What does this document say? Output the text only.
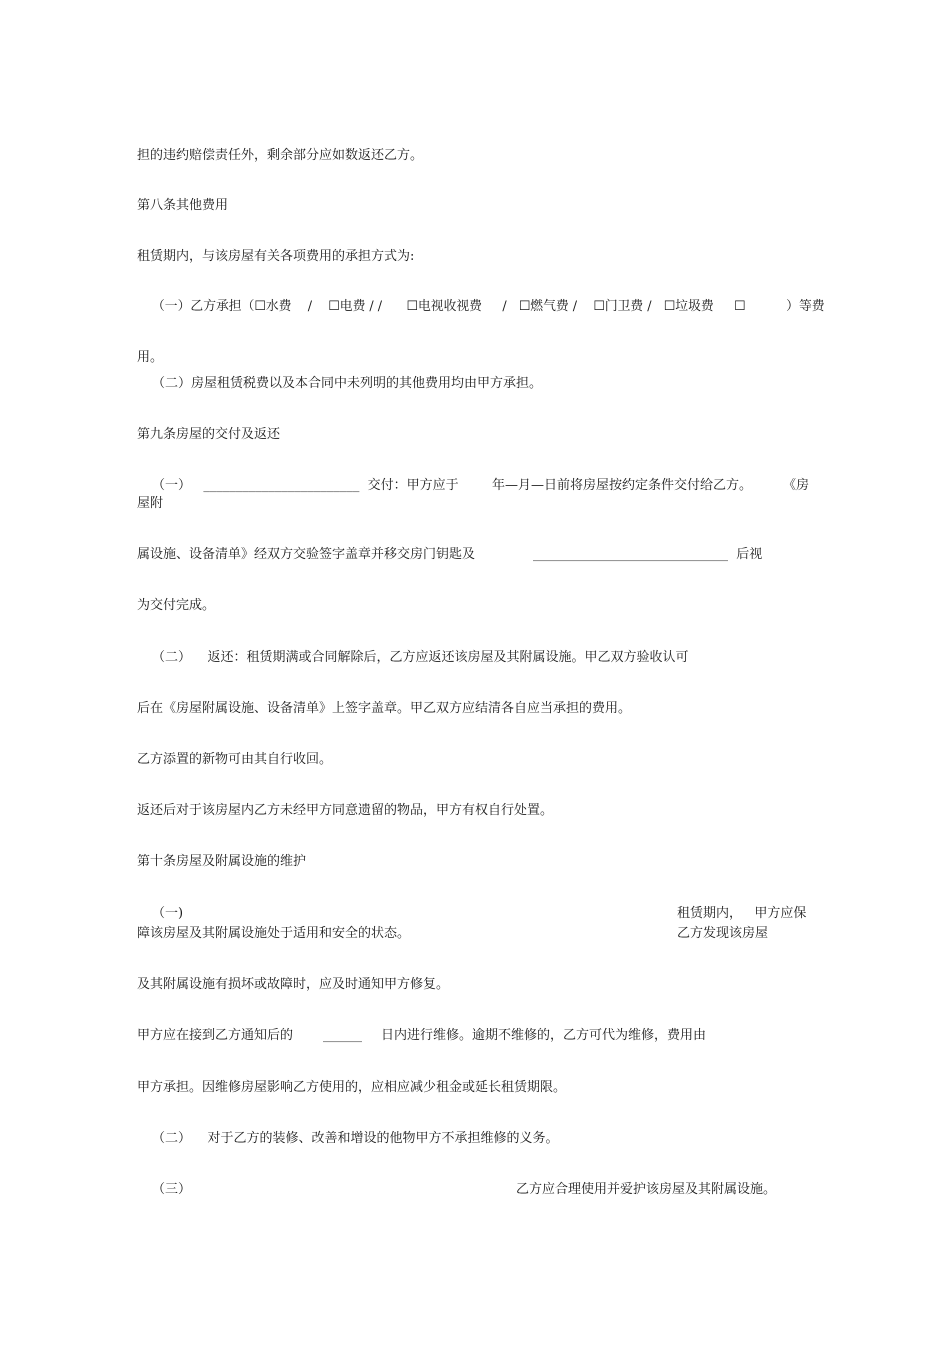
担的违约赔偿责任外，剩余部分应如数返还乙方。
第八条其他费用
租赁期内，与该房屋有关各项费用的承担方式为:
（一）乙方承担（☐水费    /    ☐电费 / /      ☐电视收视费     /   ☐燃气费 /    ☐门卫费 /   ☐垃圾费     ☐          ）等费
用。
（二）房屋租赁税费以及本合同中未列明的其他费用均由甲方承担。
第九条房屋的交付及返还
（一）   ________________________  交付：甲方应于	年—月—日前将房屋按约定条件交付给乙方。 《房
屋附
属设施、设备清单》经双方交验签字盖章并移交房门钥匙及	______________________________  后视
为交付完成。
（二）    返还：租赁期满或合同解除后，乙方应返还该房屋及其附属设施。甲乙双方验收认可
后在《房屋附属设施、设备清单》上签字盖章。甲乙双方应结清各自应当承担的费用。
乙方添置的新物可由其自行收回。
返还后对于该房屋内乙方未经甲方同意遗留的物品，甲方有权自行处置。
第十条房屋及附属设施的维护
（一)	租赁期内，   甲方应保
障该房屋及其附属设施处于适用和安全的状态。	乙方发现该房屋
及其附属设施有损坏或故障时，应及时通知甲方修复。
甲方应在接到乙方通知后的 ______ 日内进行维修。逾期不维修的，乙方可代为维修，费用由
甲方承担。因维修房屋影响乙方使用的，应相应减少租金或延长租赁期限。
（二）    对于乙方的装修、改善和增设的他物甲方不承担维修的义务。
（三）	乙方应合理使用并爱护该房屋及其附属设施。
